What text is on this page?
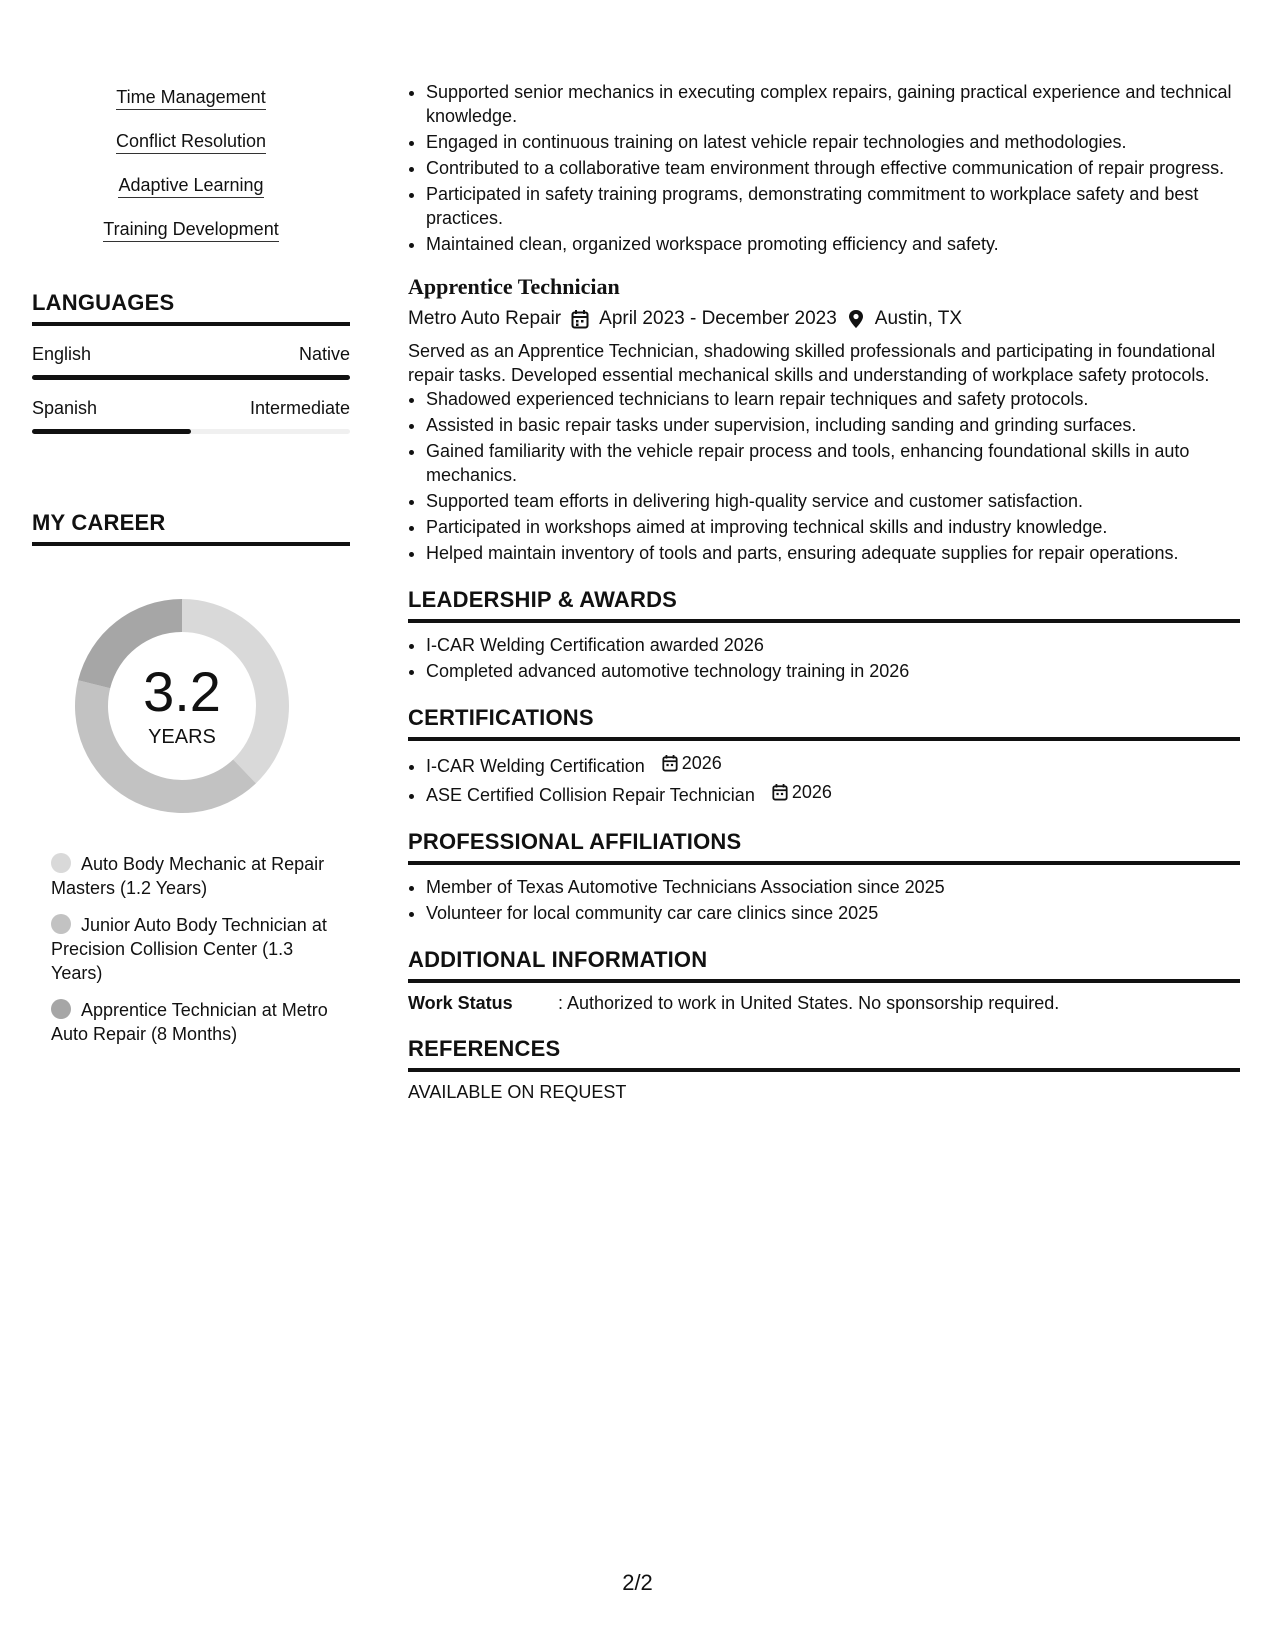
Time Management
Conflict Resolution
Adaptive Learning
Training Development
LANGUAGES
English	Native
Spanish	Intermediate
MY CAREER
3.2
YEARS
Auto Body Mechanic at Repair Masters (1.2 Years)
Junior Auto Body Technician at Precision Collision Center (1.3 Years)
Apprentice Technician at Metro Auto Repair (8 Months)
• Supported senior mechanics in executing complex repairs, gaining practical experience and technical knowledge.
• Engaged in continuous training on latest vehicle repair technologies and methodologies.
• Contributed to a collaborative team environment through effective communication of repair progress.
• Participated in safety training programs, demonstrating commitment to workplace safety and best practices.
• Maintained clean, organized workspace promoting efficiency and safety.
Apprentice Technician
Metro Auto Repair April 2023 - December 2023 Austin, TX
Served as an Apprentice Technician, shadowing skilled professionals and participating in foundational repair tasks. Developed essential mechanical skills and understanding of workplace safety protocols.
• Shadowed experienced technicians to learn repair techniques and safety protocols.
• Assisted in basic repair tasks under supervision, including sanding and grinding surfaces.
• Gained familiarity with the vehicle repair process and tools, enhancing foundational skills in auto mechanics.
• Supported team efforts in delivering high-quality service and customer satisfaction.
• Participated in workshops aimed at improving technical skills and industry knowledge.
• Helped maintain inventory of tools and parts, ensuring adequate supplies for repair operations.
LEADERSHIP & AWARDS
• I-CAR Welding Certification awarded 2026
• Completed advanced automotive technology training in 2026
CERTIFICATIONS
• I-CAR Welding Certification 2026
• ASE Certified Collision Repair Technician 2026
PROFESSIONAL AFFILIATIONS
• Member of Texas Automotive Technicians Association since 2025
• Volunteer for local community car care clinics since 2025
ADDITIONAL INFORMATION
Work Status	: Authorized to work in United States. No sponsorship required.
REFERENCES
AVAILABLE ON REQUEST
2/2
